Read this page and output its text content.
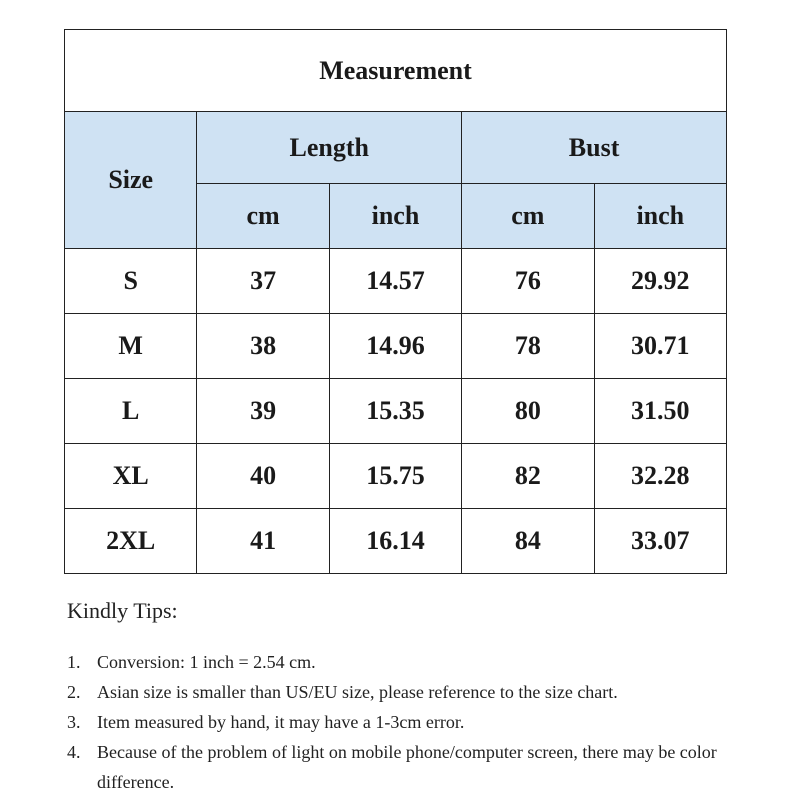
Measurement				
Size	Length		Bust	
	cm	inch	cm	inch
S	37	14.57	76	29.92
M	38	14.96	78	30.71
L	39	15.35	80	31.50
XL	40	15.75	82	32.28
2XL	41	16.14	84	33.07
Kindly Tips:
1. Conversion: 1 inch = 2.54 cm.
2. Asian size is smaller than US/EU size, please reference to the size chart.
3. Item measured by hand, it may have a 1-3cm error.
4. Because of the problem of light on mobile phone/computer screen, there may be color difference.
